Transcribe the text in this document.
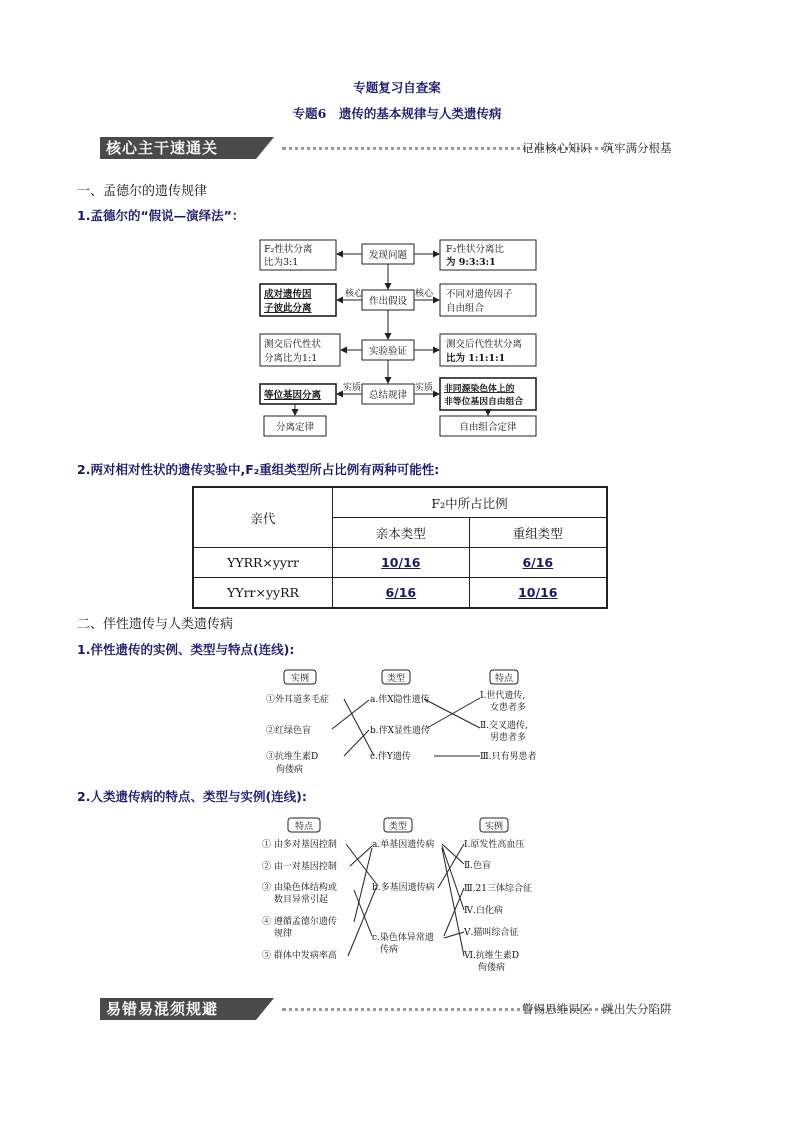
专题复习自查案
专题6　遗传的基本规律与人类遗传病
核心主干速通关	记准核心知识　筑牢满分根基
一、孟德尔的遗传规律
1.孟德尔的“假说—演绎法”：
发现问题
作出假设
实验验证
总结规律
F₂性状分离
比为3:1
成对遗传因
子彼此分离
测交后代性状
分离比为1:1
等位基因分离
分离定律
F₂性状分离比
为 9:3:3:1
不同对遗传因子
自由组合
测交后代性状分离
比为 1:1:1:1
非同源染色体上的
非等位基因自由组合
自由组合定律
核心	核心
实质	实质
2.两对相对性状的遗传实验中,F₂重组类型所占比例有两种可能性:
亲代	F₂中所占比例	
	亲本类型	重组类型
YYRR×yyrr	10/16	6/16
YYrr×yyRR	6/16	10/16
二、伴性遗传与人类遗传病
1.伴性遗传的实例、类型与特点(连线):
实例	类型	特点
①外耳道多毛症
②红绿色盲
③抗维生素D
佝偻病
a.伴X隐性遗传
b.伴X显性遗传
c.伴Y遗传
Ⅰ.世代遗传,
女患者多
Ⅱ.交叉遗传,
男患者多
Ⅲ.只有男患者
2.人类遗传病的特点、类型与实例(连线):
特点	类型	实例
① 由多对基因控制
② 由一对基因控制
③ 由染色体结构或
数目异常引起
④ 遵循孟德尔遗传
规律
⑤ 群体中发病率高
a.单基因遗传病
b.多基因遗传病
c.染色体异常遗
传病
Ⅰ.原发性高血压
Ⅱ.色盲
Ⅲ.21三体综合征
Ⅳ.白化病
Ⅴ.猫叫综合征
Ⅵ.抗维生素D
佝偻病
易错易混须规避	警惕思维误区　跳出失分陷阱
